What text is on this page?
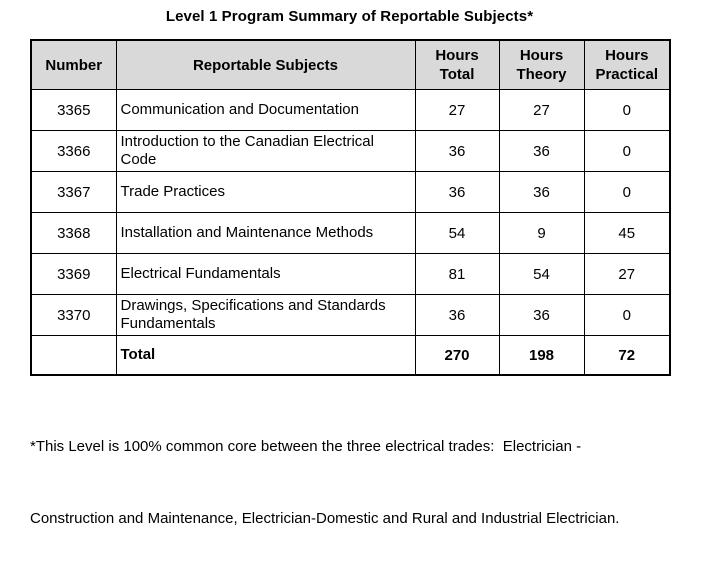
Level 1 Program Summary of Reportable Subjects*
Number	Reportable Subjects	Hours Total	Hours Theory	Hours Practical
3365	Communication and Documentation	27	27	0
3366	Introduction to the Canadian Electrical Code	36	36	0
3367	Trade Practices	36	36	0
3368	Installation and Maintenance Methods	54	9	45
3369	Electrical Fundamentals	81	54	27
3370	Drawings, Specifications and Standards Fundamentals	36	36	0
	Total	270	198	72

*This Level is 100% common core between the three electrical trades:  Electrician -

Construction and Maintenance, Electrician-Domestic and Rural and Industrial Electrician.
